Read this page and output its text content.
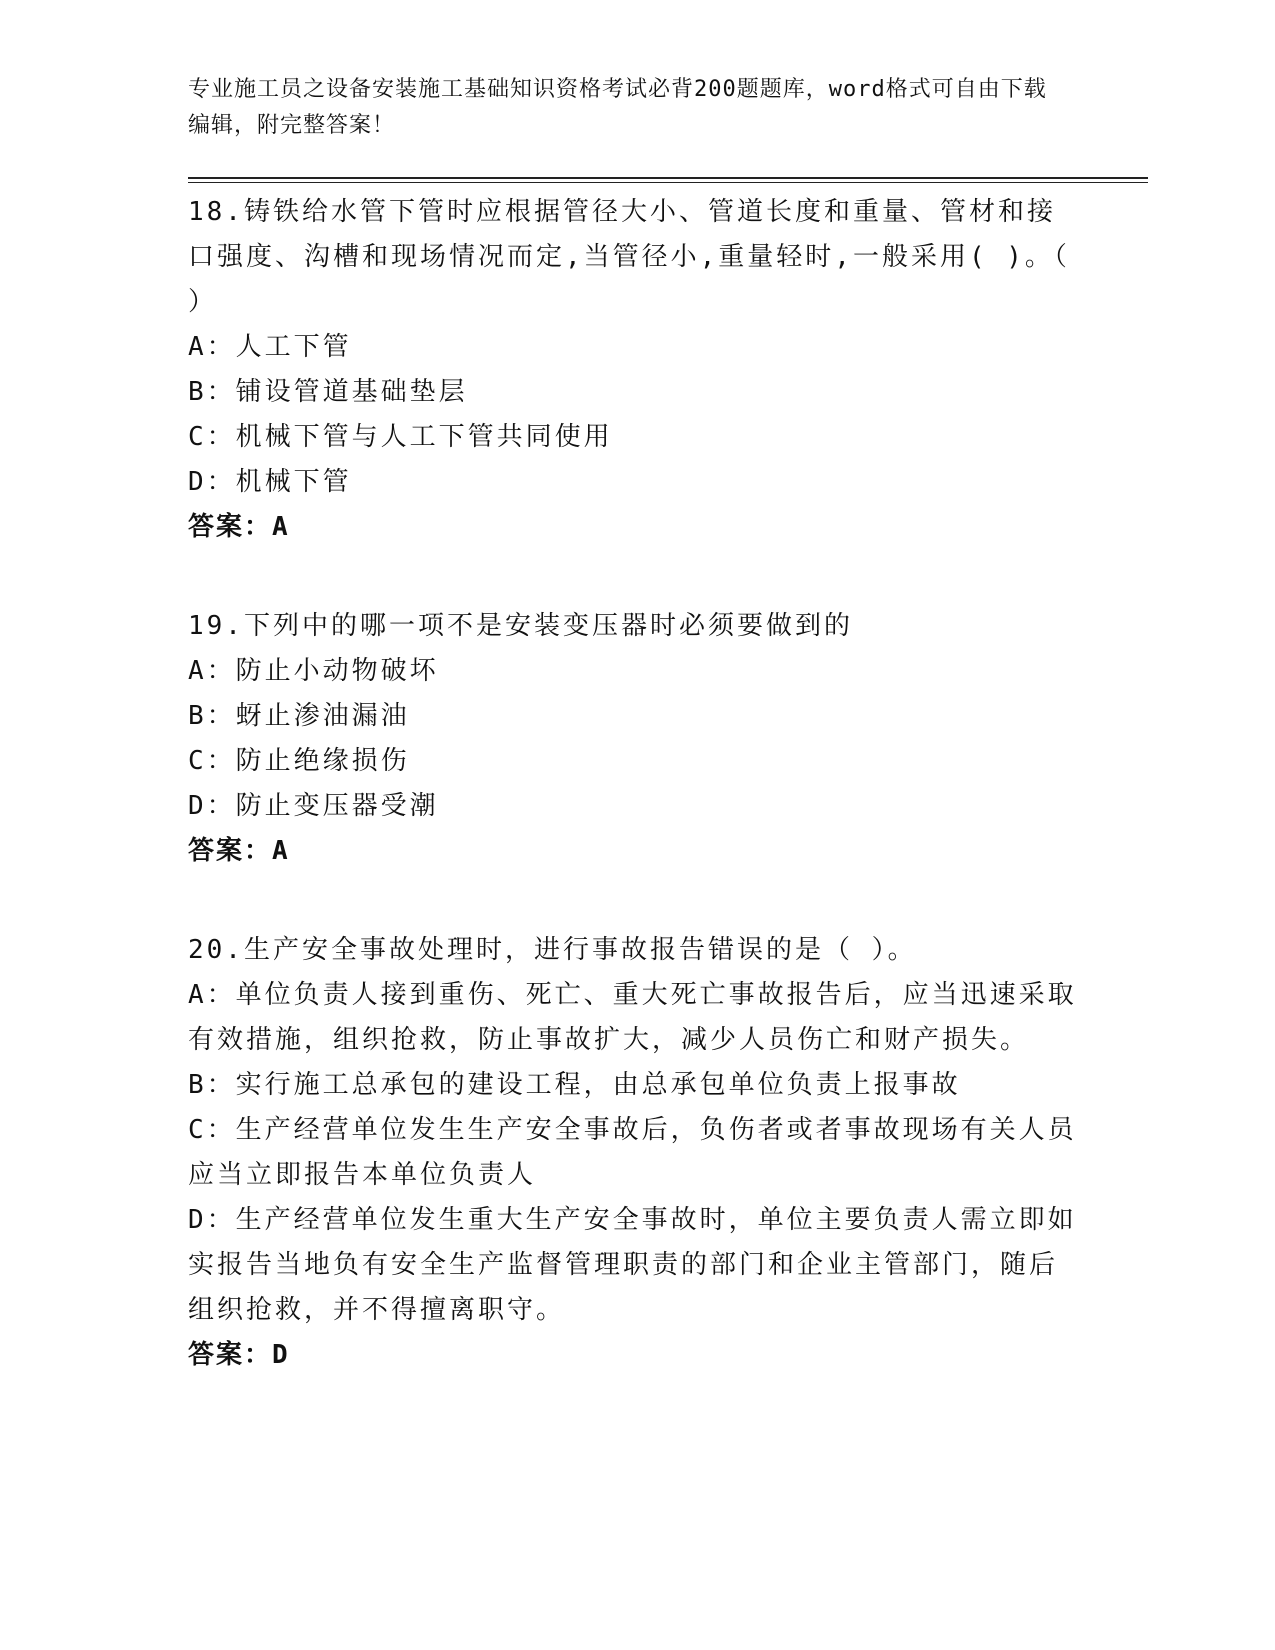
专业施工员之设备安装施工基础知识资格考试必背200题题库，word格式可自由下载编辑，附完整答案！

18.铸铁给水管下管时应根据管径大小、管道长度和重量、管材和接口强度、沟槽和现场情况而定,当管径小,重量轻时,一般采用( )。（ ）

A：人工下管

B：铺设管道基础垫层

C：机械下管与人工下管共同使用

D：机械下管

答案：A

19.下列中的哪一项不是安装变压器时必须要做到的

A：防止小动物破坏

B：蚜止渗油漏油

C：防止绝缘损伤

D：防止变压器受潮

答案：A

20.生产安全事故处理时，进行事故报告错误的是（ ）。

A：单位负责人接到重伤、死亡、重大死亡事故报告后，应当迅速采取有效措施，组织抢救，防止事故扩大，减少人员伤亡和财产损失。

B：实行施工总承包的建设工程，由总承包单位负责上报事故

C：生产经营单位发生生产安全事故后，负伤者或者事故现场有关人员应当立即报告本单位负责人

D：生产经营单位发生重大生产安全事故时，单位主要负责人需立即如实报告当地负有安全生产监督管理职责的部门和企业主管部门，随后组织抢救，并不得擅离职守。

答案：D
